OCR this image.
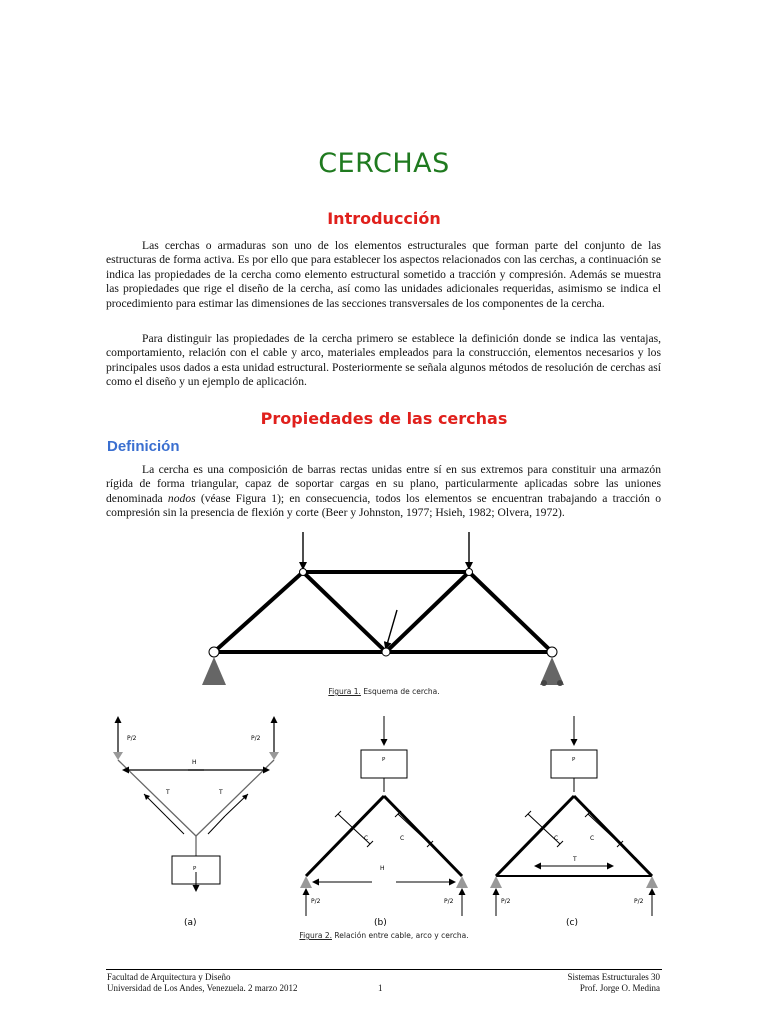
CERCHAS
Introducción
Las cerchas o armaduras son uno de los elementos estructurales que forman parte del conjunto de las estructuras de forma activa. Es por ello que para establecer los aspectos relacionados con las cerchas, a continuación se indica las propiedades de la cercha como elemento estructural sometido a tracción y compresión. Además se muestra las propiedades que rige el diseño de la cercha, así como las unidades adicionales requeridas, asimismo se indica el procedimiento para estimar las dimensiones de las secciones transversales de los componentes de la cercha.
Para distinguir las propiedades de la cercha primero se establece la definición donde se indica las ventajas, comportamiento, relación con el cable y arco, materiales empleados para la construcción, elementos necesarios y los principales usos dados a esta unidad estructural. Posteriormente se señala algunos métodos de resolución de cerchas así como el diseño y un ejemplo de aplicación.
Propiedades de las cerchas
Definición
La cercha es una composición de barras rectas unidas entre sí en sus extremos para constituir una armazón rígida de forma triangular, capaz de soportar cargas en su plano, particularmente aplicadas sobre las uniones denominada nodos (véase Figura 1); en consecuencia, todos los elementos se encuentran trabajando a tracción o compresión sin la presencia de flexión y corte (Beer y Johnston, 1977; Hsieh, 1982; Olvera, 1972).
Figura 1. Esquema de cercha.
P/2	P/2
H
T	T
P
(a)
P
C	C
H
P/2	P/2
(b)
P
C	C
T
P/2	P/2
(c)
Figura 2. Relación entre cable, arco y cercha.
Facultad de Arquitectura y Diseño
Universidad de Los Andes, Venezuela. 2 marzo 2012	1
Sistemas Estructurales 30
Prof. Jorge O. Medina
